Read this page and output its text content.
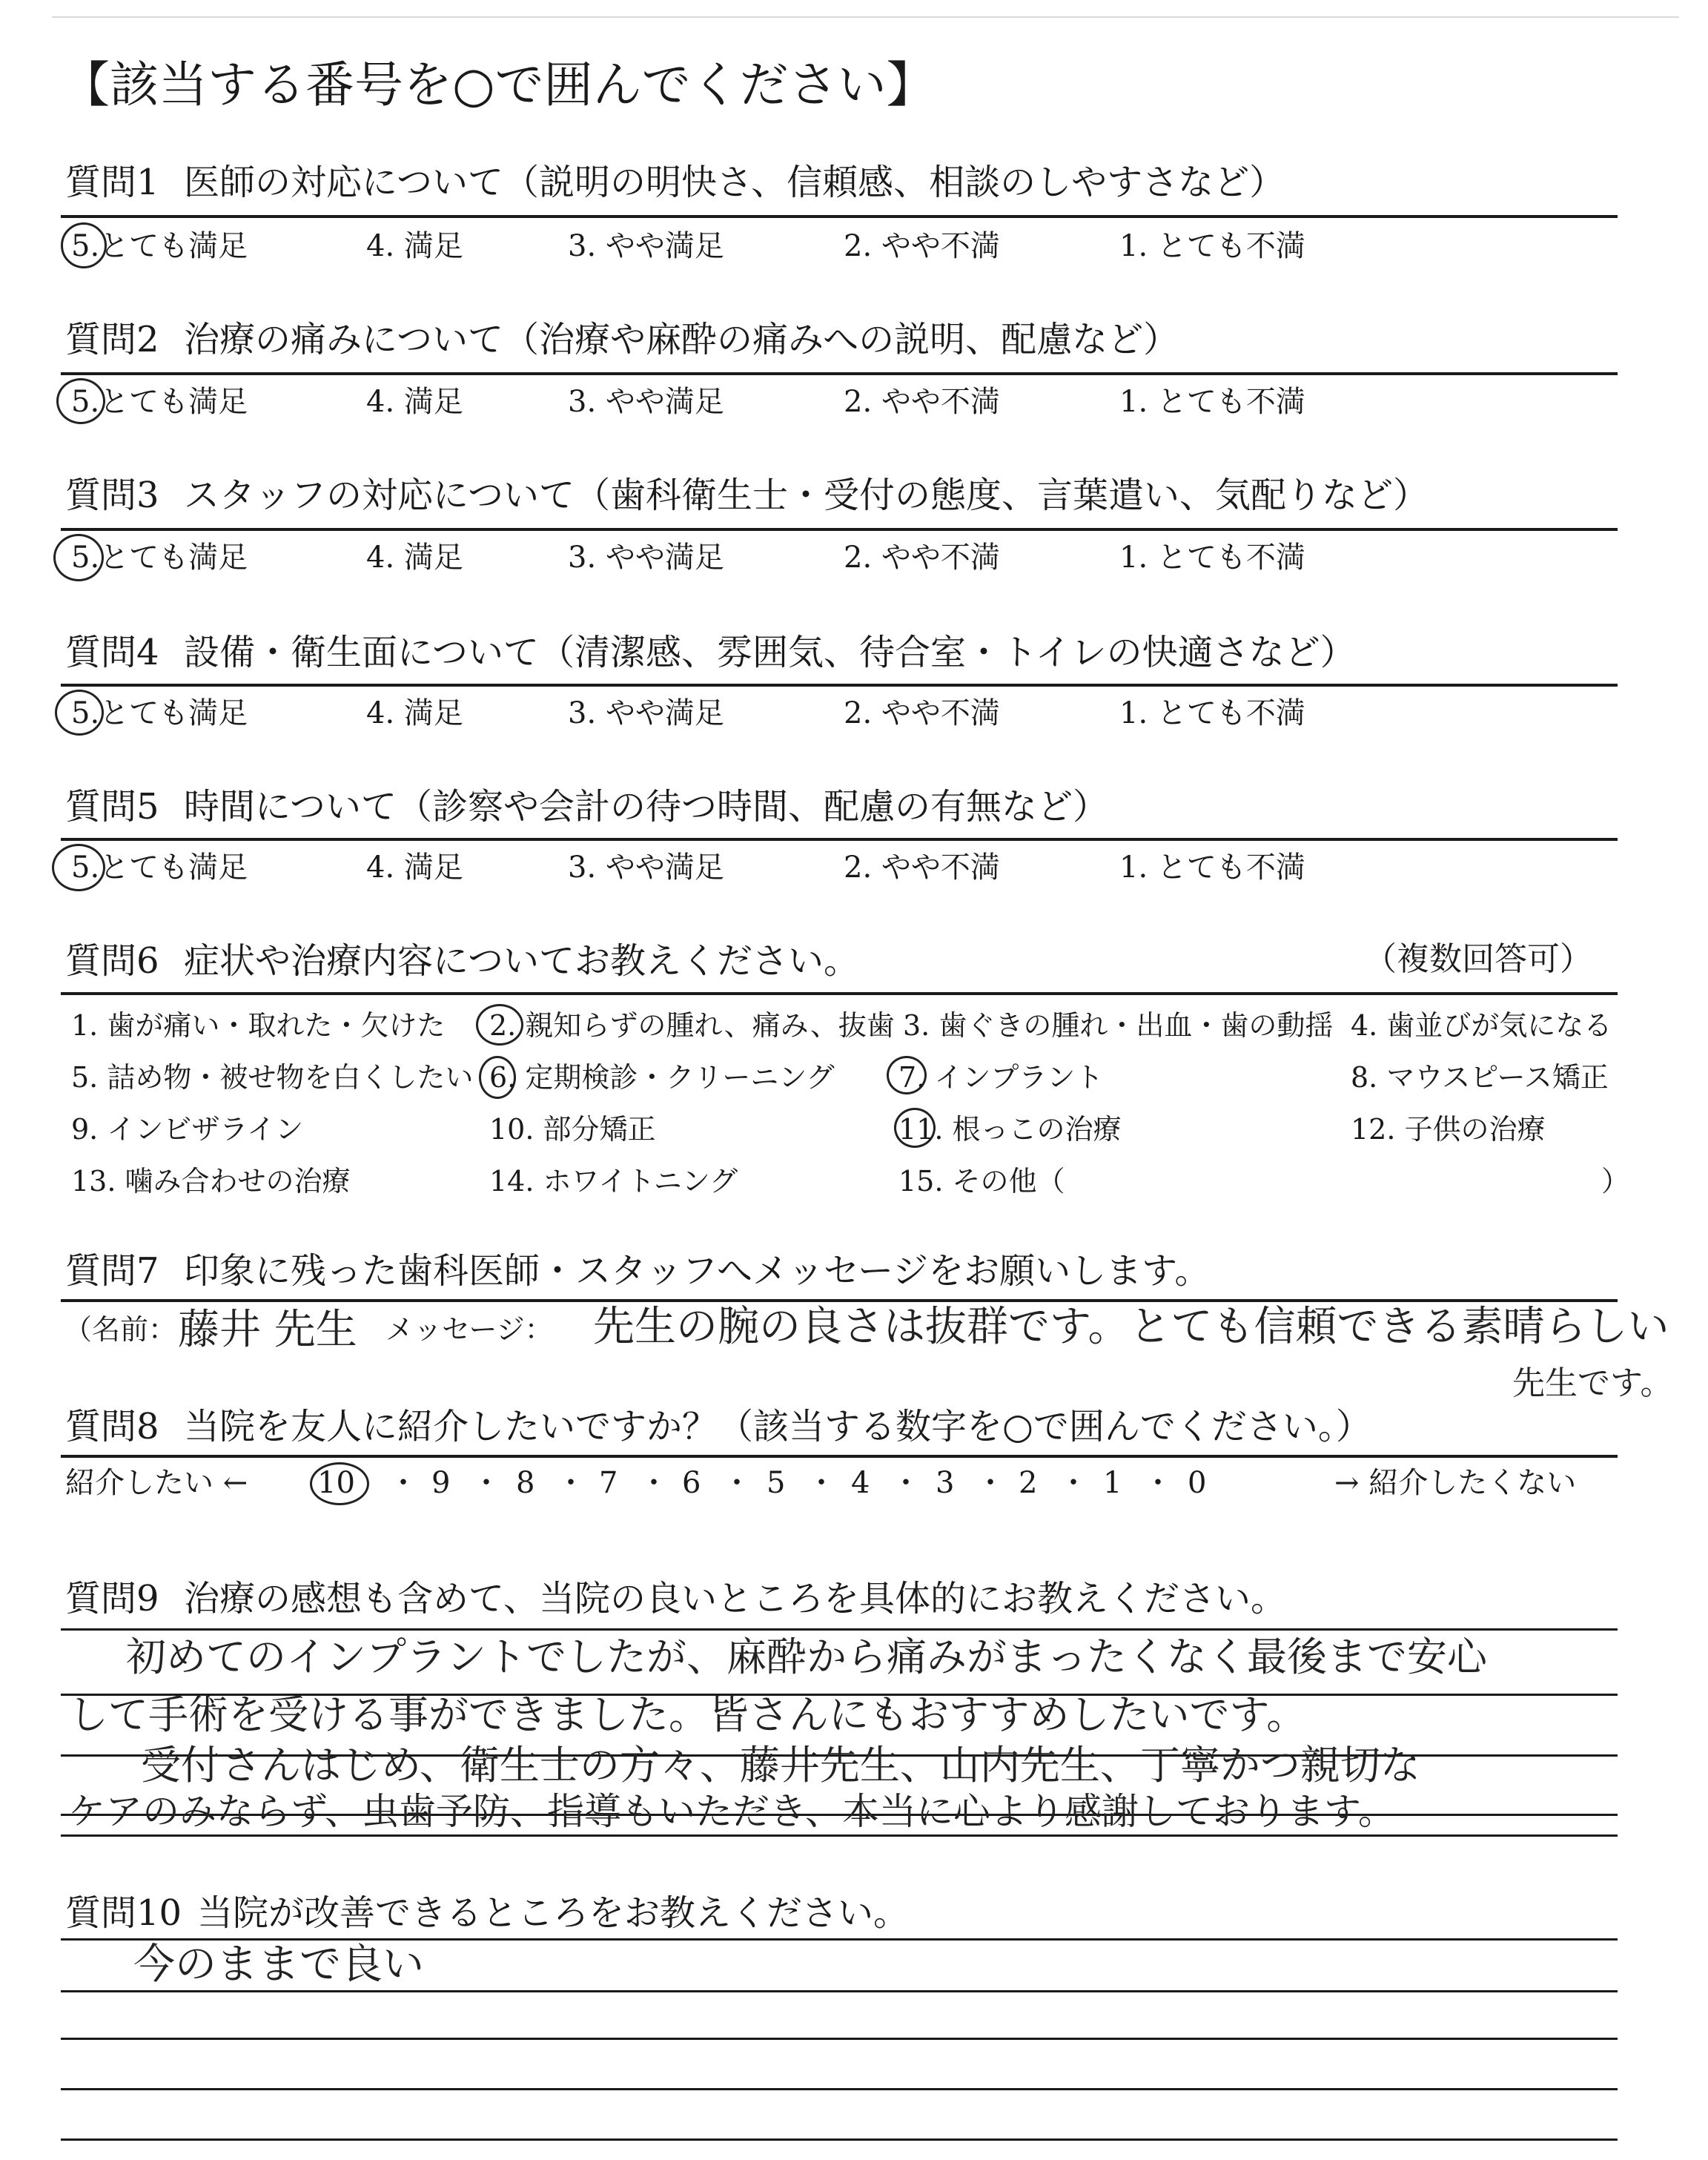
【該当する番号を○で囲んでください】
質問1 医師の対応について（説明の明快さ、信頼感、相談のしやすさなど）
5.とても満足	4. 満足	3. やや満足	2. やや不満	1. とても不満
質問2 治療の痛みについて（治療や麻酔の痛みへの説明、配慮など）
5.とても満足	4. 満足	3. やや満足	2. やや不満	1. とても不満
質問3 スタッフの対応について（歯科衛生士・受付の態度、言葉遣い、気配りなど）
5.とても満足	4. 満足	3. やや満足	2. やや不満	1. とても不満
質問4 設備・衛生面について（清潔感、雰囲気、待合室・トイレの快適さなど）
5.とても満足	4. 満足	3. やや満足	2. やや不満	1. とても不満
質問5 時間について（診察や会計の待つ時間、配慮の有無など）
5.とても満足	4. 満足	3. やや満足	2. やや不満	1. とても不満
質問6 症状や治療内容についてお教えください。	（複数回答可）
1. 歯が痛い・取れた・欠けた 2. 親知らずの腫れ、痛み、抜歯 3. 歯ぐきの腫れ・出血・歯の動揺 4. 歯並びが気になる
5. 詰め物・被せ物を白くしたい 6. 定期検診・クリーニング 7. インプラント	8. マウスピース矯正
9. インビザライン	10. 部分矯正	11. 根っこの治療	12. 子供の治療
13. 噛み合わせの治療	14. ホワイトニング	15. その他（	）
質問7 印象に残った歯科医師・スタッフへメッセージをお願いします。
（名前： 藤井 先生 メッセージ： 先生の腕の良さは抜群です。とても信頼できる素晴らしい
先生です。
質問8 当院を友人に紹介したいですか？（該当する数字を○で囲んでください。）
紹介したい ← 10 ・ 9 ・ 8 ・ 7 ・ 6 ・ 5 ・ 4 ・ 3 ・ 2 ・ 1 ・ 0	→ 紹介したくない
質問9 治療の感想も含めて、当院の良いところを具体的にお教えください。
初めてのインプラントでしたが、麻酔から痛みがまったくなく最後まで安心
して手術を受ける事ができました。皆さんにもおすすめしたいです。
受付さんはじめ、衛生士の方々、藤井先生、山内先生、丁寧かつ親切な
ケアのみならず、虫歯予防、指導もいただき、本当に心より感謝しております。
質問10 当院が改善できるところをお教えください。
今のままで良い
